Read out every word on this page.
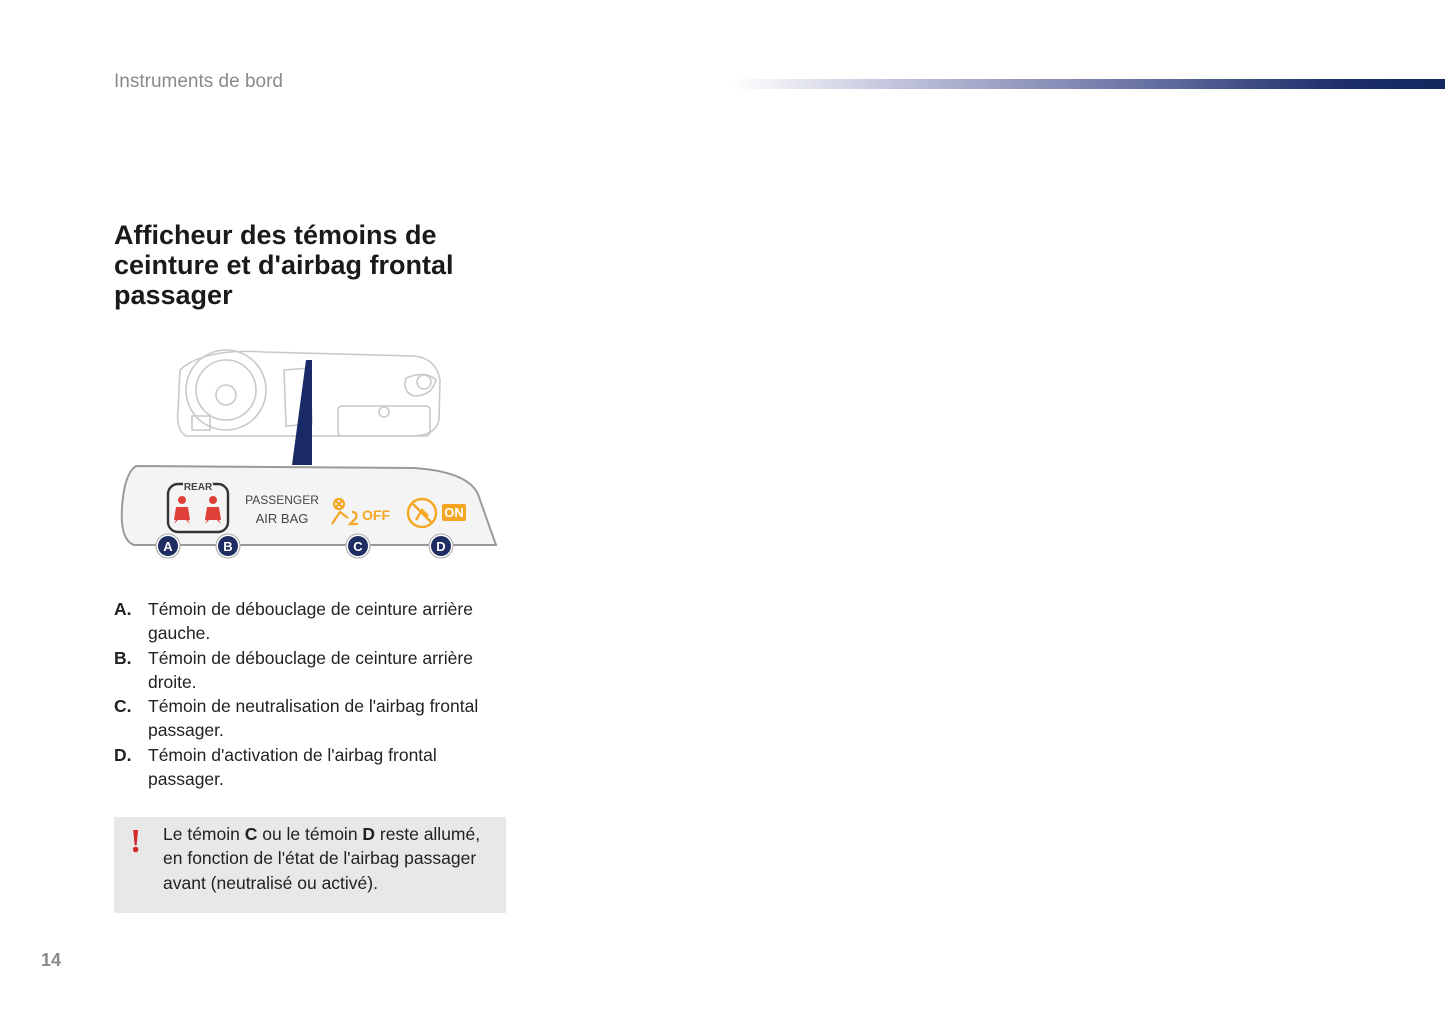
Instruments de bord
Afficheur des témoins de ceinture et d'airbag frontal passager
REAR
PASSENGER
AIR BAG	OFF	ON
A	B	C	D
A. Témoin de débouclage de ceinture arrière gauche.
B. Témoin de débouclage de ceinture arrière droite.
C. Témoin de neutralisation de l'airbag frontal passager.
D. Témoin d'activation de l'airbag frontal passager.
! Le témoin C ou le témoin D reste allumé, en fonction de l'état de l'airbag passager avant (neutralisé ou activé).
14
